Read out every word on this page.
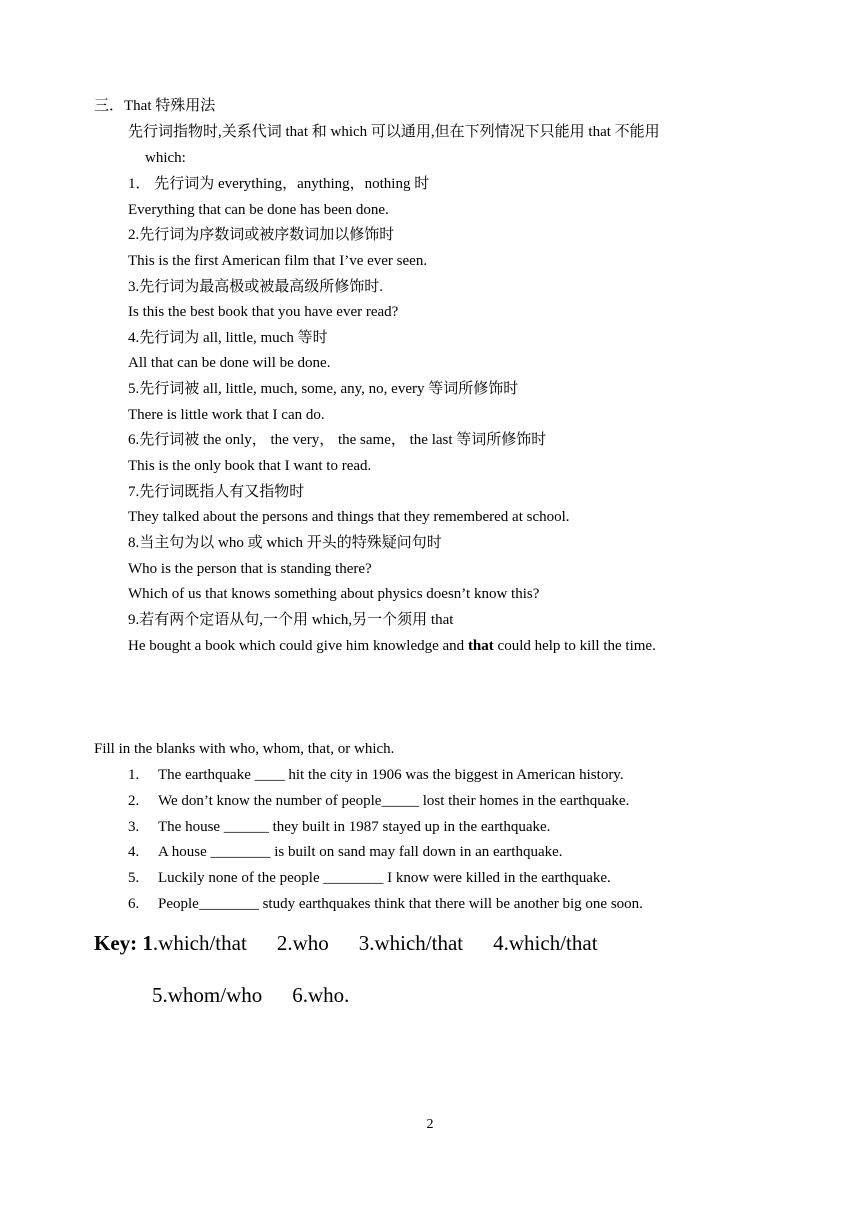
三．That 特殊用法
先行词指物时,关系代词 that 和 which 可以通用,但在下列情况下只能用 that 不能用
which:
1． 先行词为 everything，anything，nothing 时
Everything that can be done has been done.
2.先行词为序数词或被序数词加以修饰时
This is the first American film that I’ve ever seen.
3.先行词为最高极或被最高级所修饰时.
Is this the best book that you have ever read?
4.先行词为 all, little, much 等时
All that can be done will be done.
5.先行词被 all, little, much, some, any, no, every 等词所修饰时
There is little work that I can do.
6.先行词被 the only， the very， the same， the last 等词所修饰时
This is the only book that I want to read.
7.先行词既指人有又指物时
They talked about the persons and things that they remembered at school.
8.当主句为以 who 或 which 开头的特殊疑问句时
Who is the person that is standing there?
Which of us that knows something about physics doesn’t know this?
9.若有两个定语从句,一个用 which,另一个须用 that
He bought a book which could give him knowledge and that could help to kill the time.
Fill in the blanks with who, whom, that, or which.
1. The earthquake ____ hit the city in 1906 was the biggest in American history.
2. We don’t know the number of people_____ lost their homes in the earthquake.
3. The house ______ they built in 1987 stayed up in the earthquake.
4. A house ________ is built on sand may fall down in an earthquake.
5. Luckily none of the people ________ I know were killed in the earthquake.
6. People________ study earthquakes think that there will be another big one soon.
Key: 1.which/that 2.who 3.which/that 4.which/that
5.whom/who 6.who.
2
